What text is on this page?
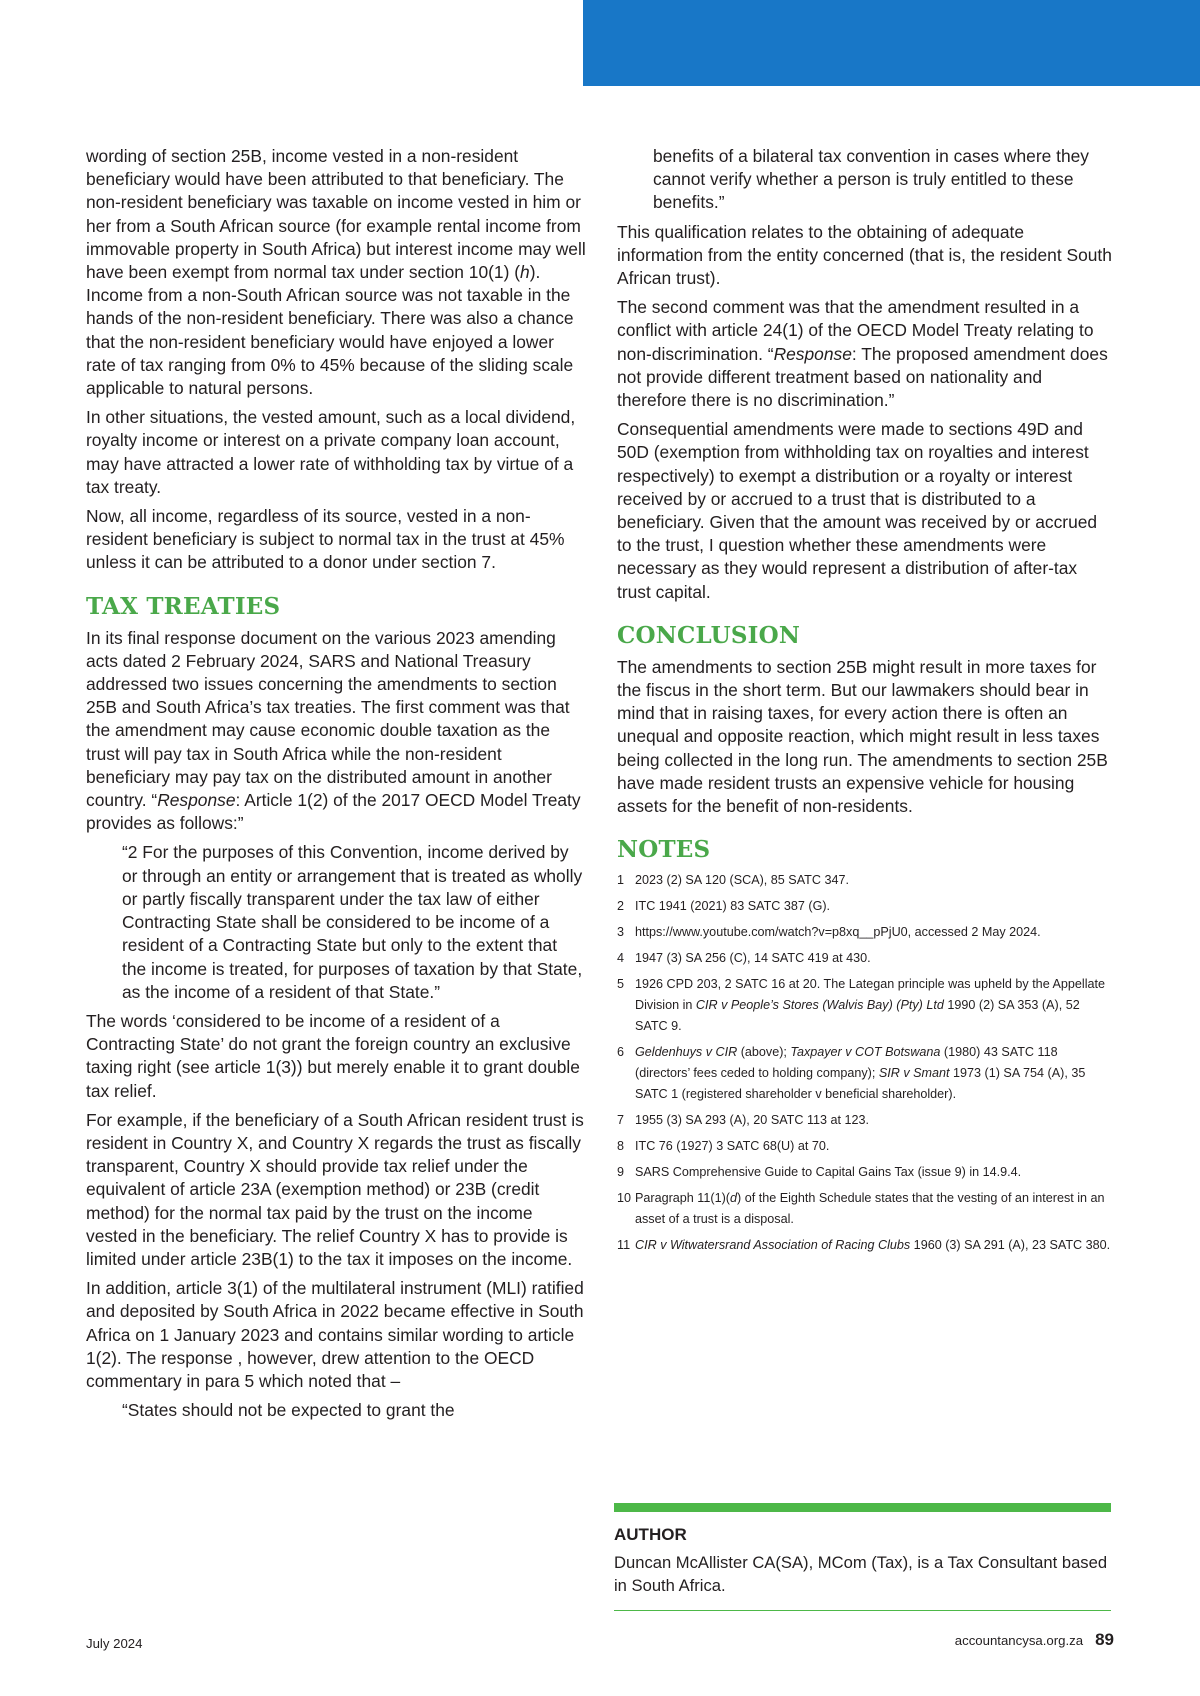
wording of section 25B, income vested in a non-resident beneficiary would have been attributed to that beneficiary. The non-resident beneficiary was taxable on income vested in him or her from a South African source (for example rental income from immovable property in South Africa) but interest income may well have been exempt from normal tax under section 10(1) (h). Income from a non-South African source was not taxable in the hands of the non-resident beneficiary. There was also a chance that the non-resident beneficiary would have enjoyed a lower rate of tax ranging from 0% to 45% because of the sliding scale applicable to natural persons.

In other situations, the vested amount, such as a local dividend, royalty income or interest on a private company loan account, may have attracted a lower rate of withholding tax by virtue of a tax treaty.

Now, all income, regardless of its source, vested in a non-resident beneficiary is subject to normal tax in the trust at 45% unless it can be attributed to a donor under section 7.

TAX TREATIES

In its final response document on the various 2023 amending acts dated 2 February 2024, SARS and National Treasury addressed two issues concerning the amendments to section 25B and South Africa’s tax treaties. The first comment was that the amendment may cause economic double taxation as the trust will pay tax in South Africa while the non-resident beneficiary may pay tax on the distributed amount in another country. “Response: Article 1(2) of the 2017 OECD Model Treaty provides as follows:”

“2 For the purposes of this Convention, income derived by or through an entity or arrangement that is treated as wholly or partly fiscally transparent under the tax law of either Contracting State shall be considered to be income of a resident of a Contracting State but only to the extent that the income is treated, for purposes of taxation by that State, as the income of a resident of that State.”

The words ‘considered to be income of a resident of a Contracting State’ do not grant the foreign country an exclusive taxing right (see article 1(3)) but merely enable it to grant double tax relief.

For example, if the beneficiary of a South African resident trust is resident in Country X, and Country X regards the trust as fiscally transparent, Country X should provide tax relief under the equivalent of article 23A (exemption method) or 23B (credit method) for the normal tax paid by the trust on the income vested in the beneficiary. The relief Country X has to provide is limited under article 23B(1) to the tax it imposes on the income.

In addition, article 3(1) of the multilateral instrument (MLI) ratified and deposited by South Africa in 2022 became effective in South Africa on 1 January 2023 and contains similar wording to article 1(2). The response , however, drew attention to the OECD commentary in para 5 which noted that –

“States should not be expected to grant the

benefits of a bilateral tax convention in cases where they cannot verify whether a person is truly entitled to these benefits.”

This qualification relates to the obtaining of adequate information from the entity concerned (that is, the resident South African trust).

The second comment was that the amendment resulted in a conflict with article 24(1) of the OECD Model Treaty relating to non-discrimination. “Response: The proposed amendment does not provide different treatment based on nationality and therefore there is no discrimination.”

Consequential amendments were made to sections 49D and 50D (exemption from withholding tax on royalties and interest respectively) to exempt a distribution or a royalty or interest received by or accrued to a trust that is distributed to a beneficiary. Given that the amount was received by or accrued to the trust, I question whether these amendments were necessary as they would represent a distribution of after-tax trust capital.

CONCLUSION

The amendments to section 25B might result in more taxes for the fiscus in the short term. But our lawmakers should bear in mind that in raising taxes, for every action there is often an unequal and opposite reaction, which might result in less taxes being collected in the long run. The amendments to section 25B have made resident trusts an expensive vehicle for housing assets for the benefit of non-residents.

NOTES
1 2023 (2) SA 120 (SCA), 85 SATC 347.
2 ITC 1941 (2021) 83 SATC 387 (G).
3 https://www.youtube.com/watch?v=p8xq__pPjU0, accessed 2 May 2024.
4 1947 (3) SA 256 (C), 14 SATC 419 at 430.
5 1926 CPD 203, 2 SATC 16 at 20. The Lategan principle was upheld by the Appellate Division in CIR v People’s Stores (Walvis Bay) (Pty) Ltd 1990 (2) SA 353 (A), 52 SATC 9.
6 Geldenhuys v CIR (above); Taxpayer v COT Botswana (1980) 43 SATC 118 (directors’ fees ceded to holding company); SIR v Smant 1973 (1) SA 754 (A), 35 SATC 1 (registered shareholder v beneficial shareholder).
7 1955 (3) SA 293 (A), 20 SATC 113 at 123.
8 ITC 76 (1927) 3 SATC 68(U) at 70.
9 SARS Comprehensive Guide to Capital Gains Tax (issue 9) in 14.9.4.
10 Paragraph 11(1)(d) of the Eighth Schedule states that the vesting of an interest in an asset of a trust is a disposal.
11 CIR v Witwatersrand Association of Racing Clubs 1960 (3) SA 291 (A), 23 SATC 380.

AUTHOR

Duncan McAllister CA(SA), MCom (Tax), is a Tax Consultant based in South Africa.

July 2024	accountancysa.org.za 89
